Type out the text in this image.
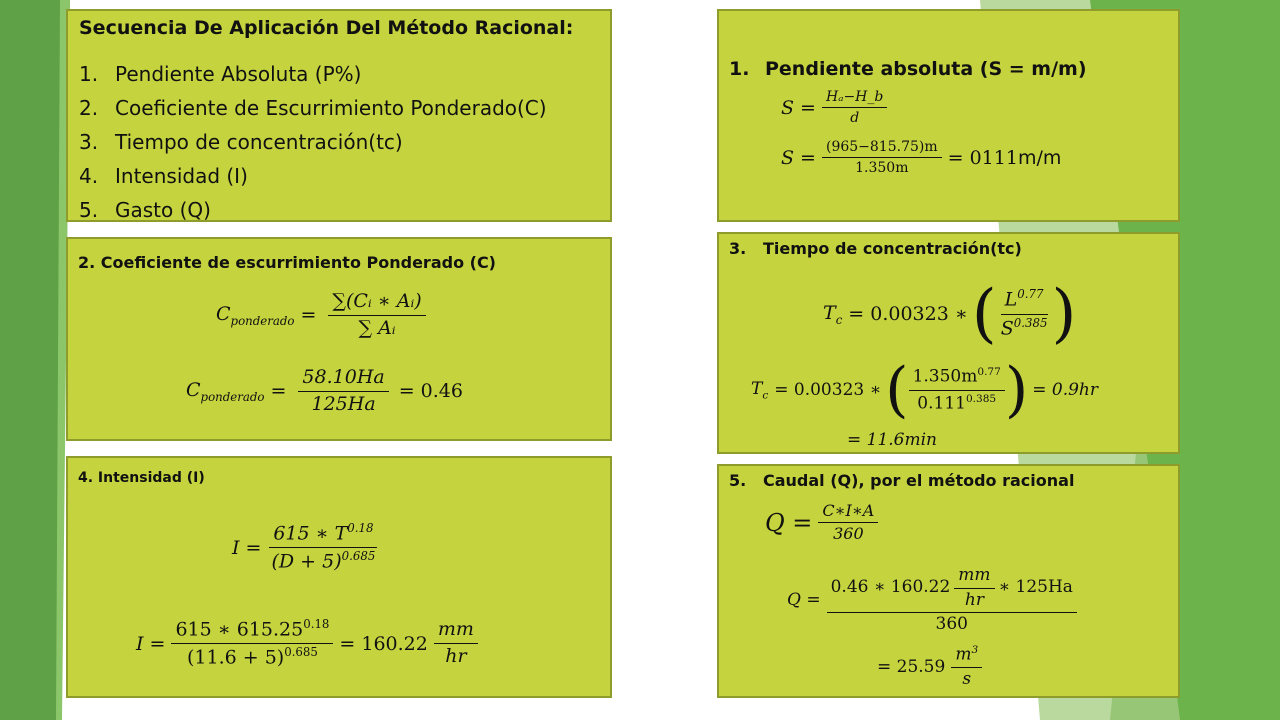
Secuencia De Aplicación Del Método Racional:
1. Pendiente Absoluta (P%)
2. Coeficiente de Escurrimiento Ponderado(C)
3. Tiempo de concentración(tc)
4. Intensidad (I)
5. Gasto (Q)
2. Coeficiente de escurrimiento Ponderado (C)
$C_{ponderado} = \frac{\text{∑(Cᵢ ∗ Aᵢ)}}{\text{∑ Aᵢ}}$
$C_{ponderado} = \frac{58.10Ha}{125Ha} = 0.46$
4. Intensidad (I)
$I = \frac{615 ∗ T^{0.18}}{(D + 5)^{0.685}}$
$I = \frac{615 ∗ 615.25^{0.18}}{(11.6 + 5)^{0.685}} = 160.22 \frac{mm}{hr}$
1. Pendiente absoluta (S = m/m)
$S = \frac{\text{Hₐ−H\_b}}{d}$
$S = \frac{(965-815.75)m}{1.350m} = 0111$ m/m
3. Tiempo de concentración(tc)
$T_c = 0.00323$ ∗ ( $\frac{L^{0.77}}{S^{0.385}}$ )
$T_c = 0.00323$ ∗ ( $\frac{1.350m^{0.77}}{0.111^{0.385}}$ ) = 0.9hr
= 11.6min
5. Caudal (Q), por el método racional
$Q = \frac{C∗I∗A}{360}$
$Q = \frac{0.46 ∗ 160.22 \frac{mm}{hr} ∗ 125Ha}{360}$
= $25.59 \frac{m^3}{s}$
